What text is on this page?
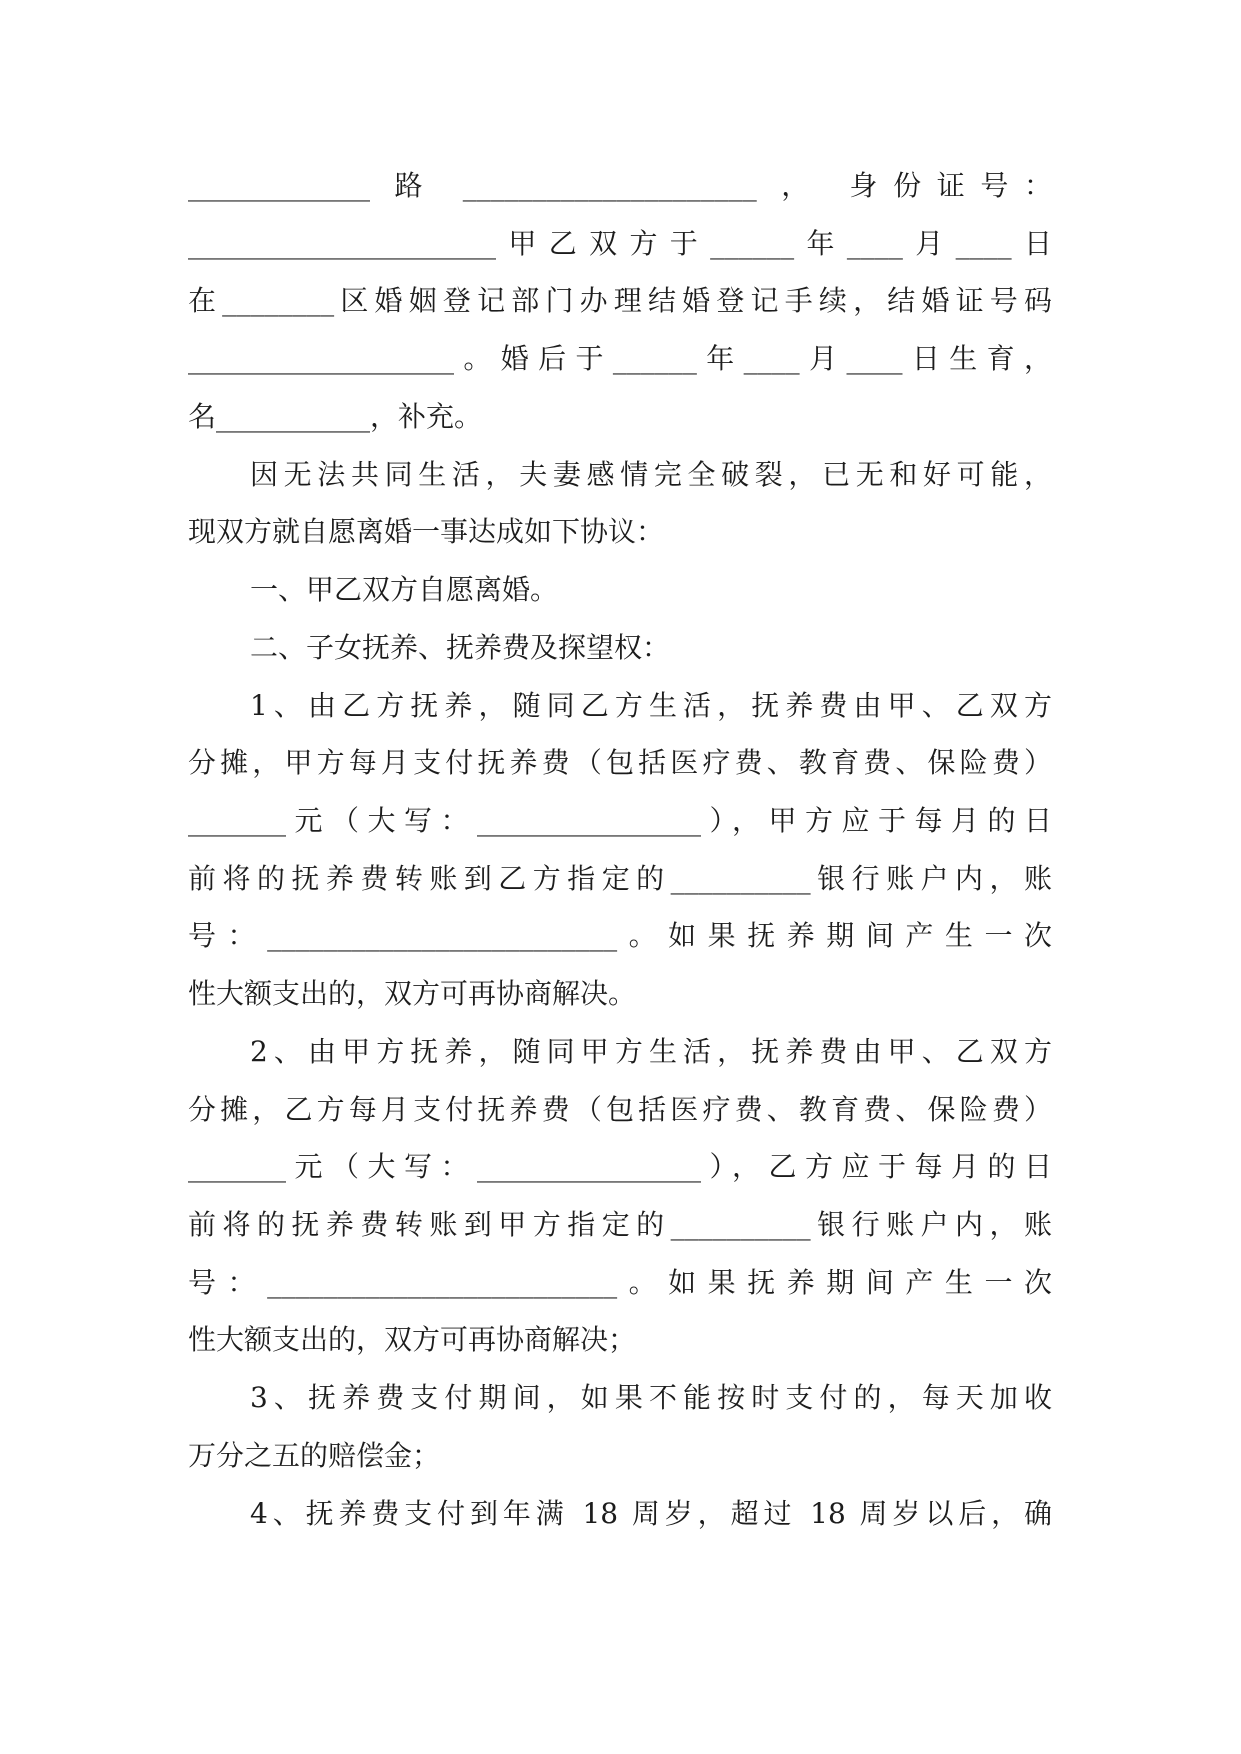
_____________ 路 _____________________ ， 身份证号：
______________________甲乙双方于______年____月____日
在________区婚姻登记部门办理结婚登记手续，结婚证号码
___________________。婚后于______年____月____日生育，
名___________，补充。
因无法共同生活，夫妻感情完全破裂，已无和好可能，
现双方就自愿离婚一事达成如下协议：
一、甲乙双方自愿离婚。
二、子女抚养、抚养费及探望权：
1、由乙方抚养，随同乙方生活，抚养费由甲、乙双方
分摊，甲方每月支付抚养费（包括医疗费、教育费、保险费）
_______元（大写：________________），甲方应于每月的日
前将的抚养费转账到乙方指定的__________银行账户内，账
号：_________________________。如果抚养期间产生一次
性大额支出的，双方可再协商解决。
2、由甲方抚养，随同甲方生活，抚养费由甲、乙双方
分摊，乙方每月支付抚养费（包括医疗费、教育费、保险费）
_______元（大写：________________），乙方应于每月的日
前将的抚养费转账到甲方指定的__________银行账户内，账
号：_________________________。如果抚养期间产生一次
性大额支出的，双方可再协商解决；
3、抚养费支付期间，如果不能按时支付的，每天加收
万分之五的赔偿金；
4、抚养费支付到年满 18 周岁，超过 18 周岁以后，确
